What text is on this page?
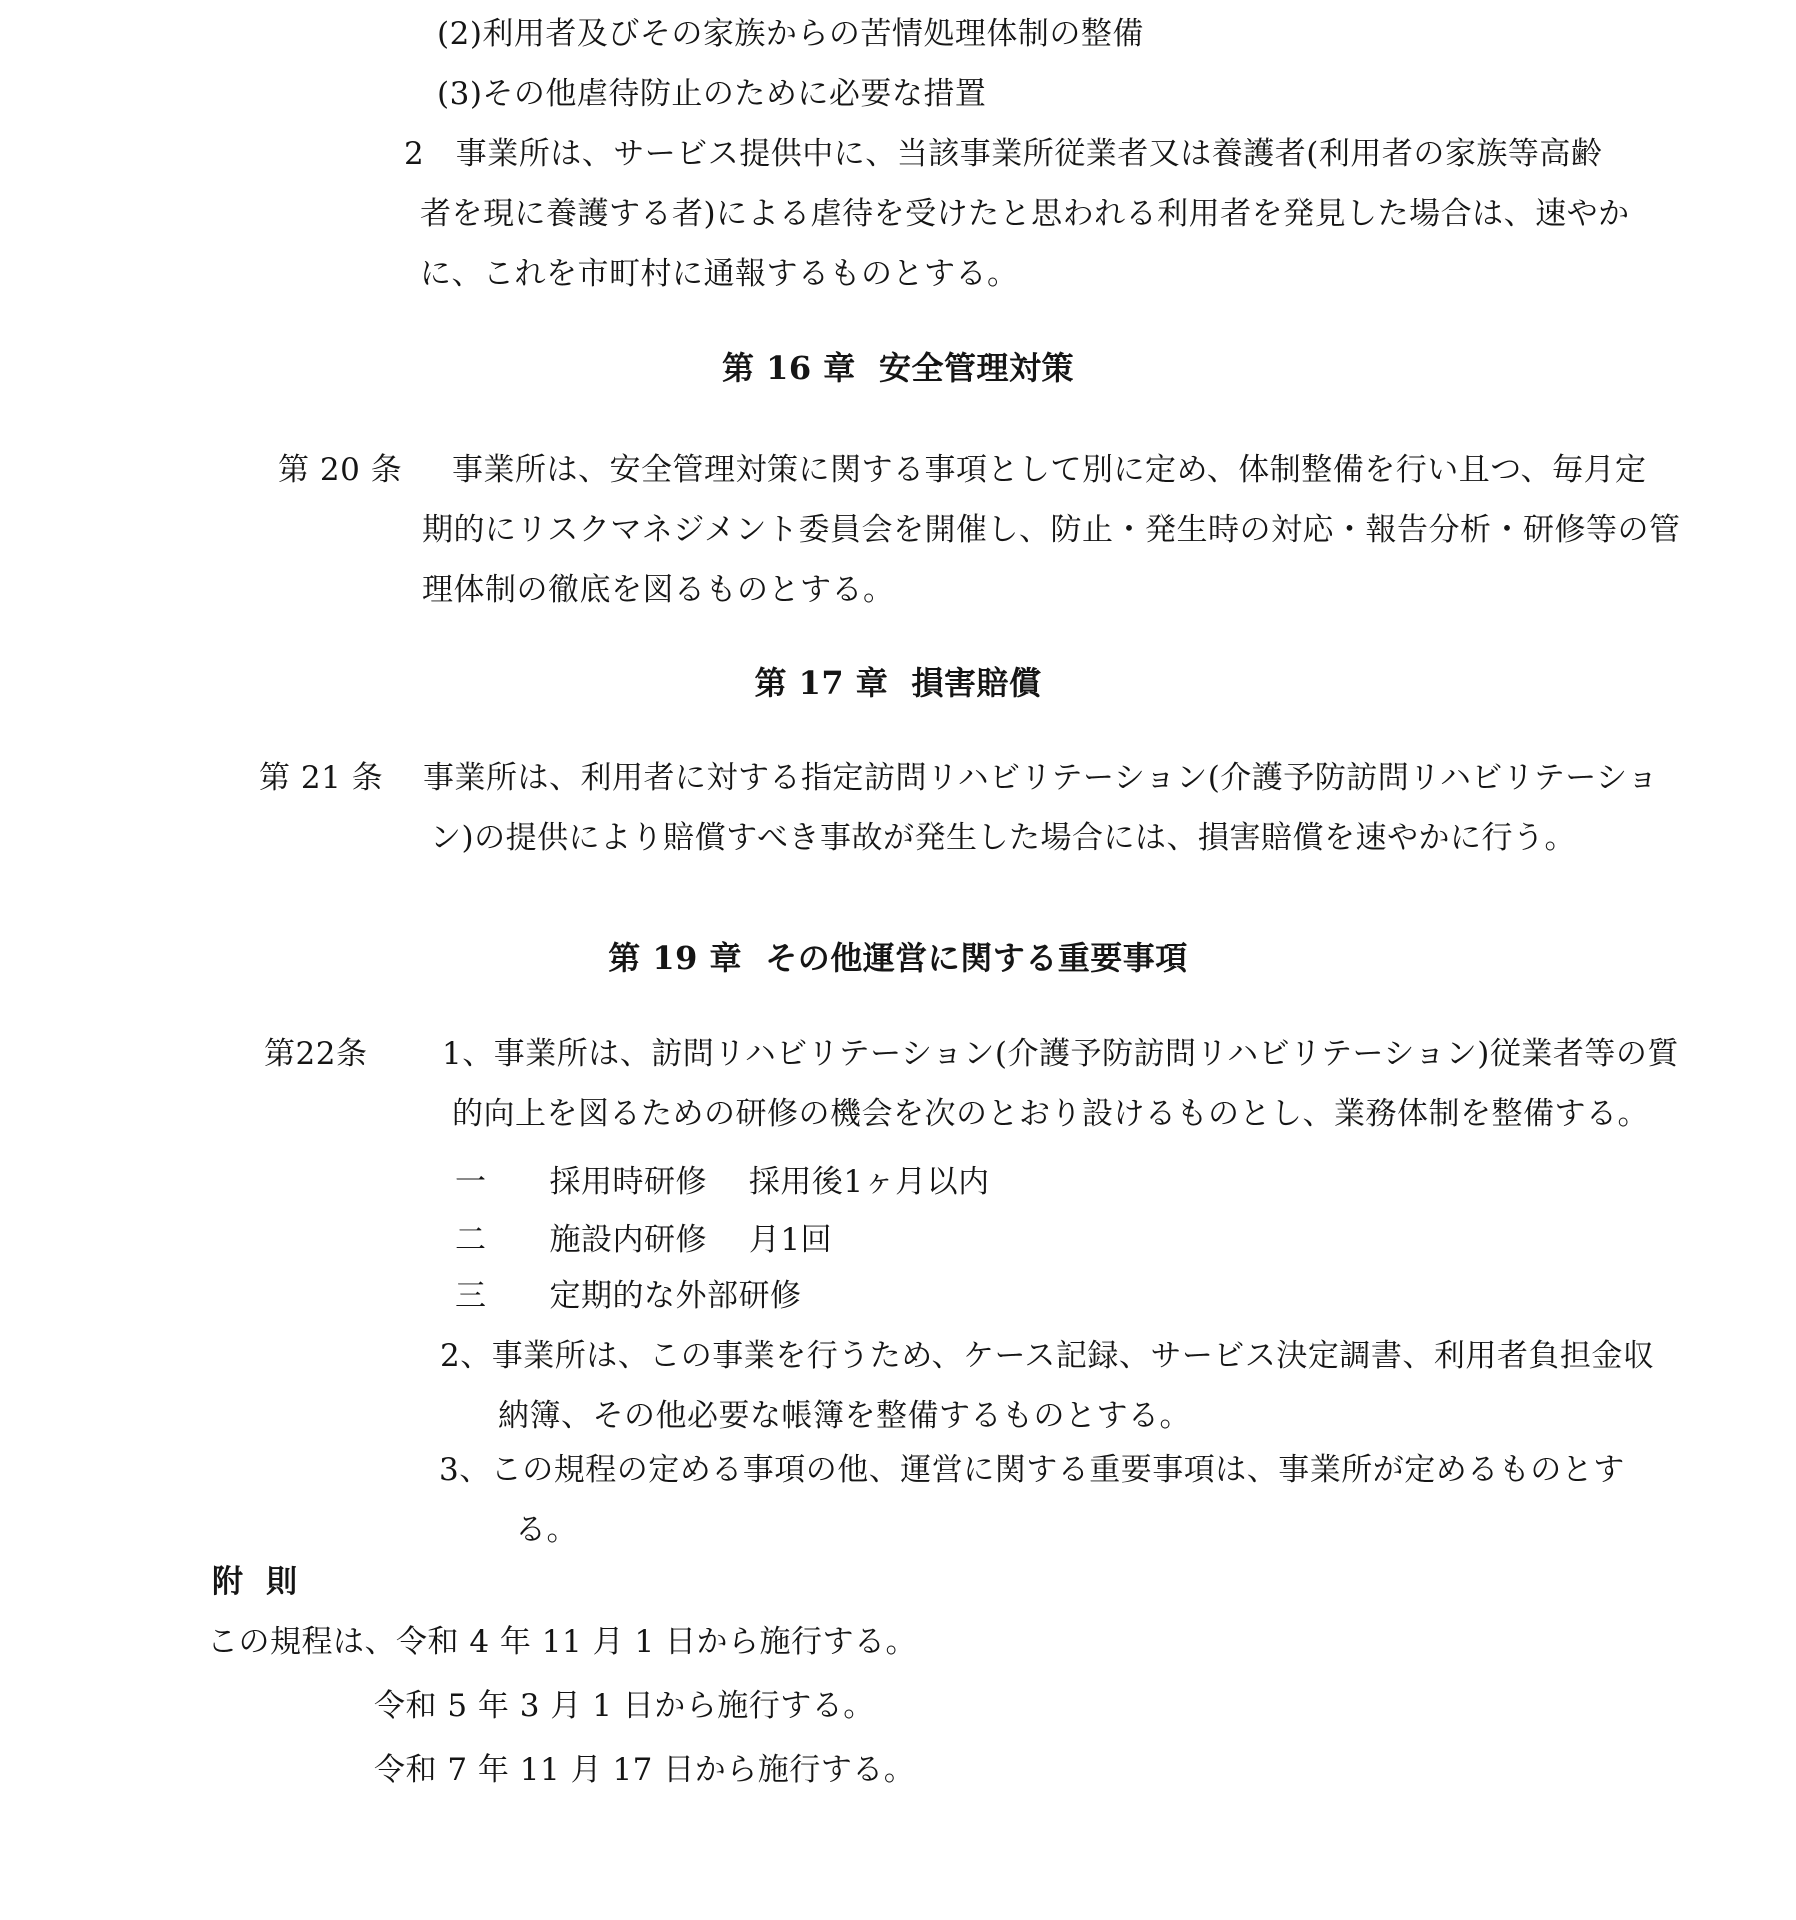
(2)利用者及びその家族からの苦情処理体制の整備
(3)その他虐待防止のために必要な措置
2　事業所は、サービス提供中に、当該事業所従業者又は養護者(利用者の家族等高齢
者を現に養護する者)による虐待を受けたと思われる利用者を発見した場合は、速やか
に、これを市町村に通報するものとする。
第 16 章  安全管理対策
第 20 条 事業所は、安全管理対策に関する事項として別に定め、体制整備を行い且つ、毎月定
期的にリスクマネジメント委員会を開催し、防止・発生時の対応・報告分析・研修等の管
理体制の徹底を図るものとする。
第 17 章  損害賠償
第 21 条 事業所は、利用者に対する指定訪問リハビリテーション(介護予防訪問リハビリテーショ
ン)の提供により賠償すべき事故が発生した場合には、損害賠償を速やかに行う。
第 19 章  その他運営に関する重要事項
第22条 1、事業所は、訪問リハビリテーション(介護予防訪問リハビリテーション)従業者等の質
的向上を図るための研修の機会を次のとおり設けるものとし、業務体制を整備する。
一　　採用時研修　 採用後1ヶ月以内
二　　施設内研修　 月1回
三　　定期的な外部研修
2、事業所は、この事業を行うため、ケース記録、サービス決定調書、利用者負担金収
納簿、その他必要な帳簿を整備するものとする。
3、この規程の定める事項の他、運営に関する重要事項は、事業所が定めるものとす
る。
附  則
この規程は、令和 4 年 11 月 1 日から施行する。
令和 5 年 3 月 1 日から施行する。
令和 7 年 11 月 17 日から施行する。
